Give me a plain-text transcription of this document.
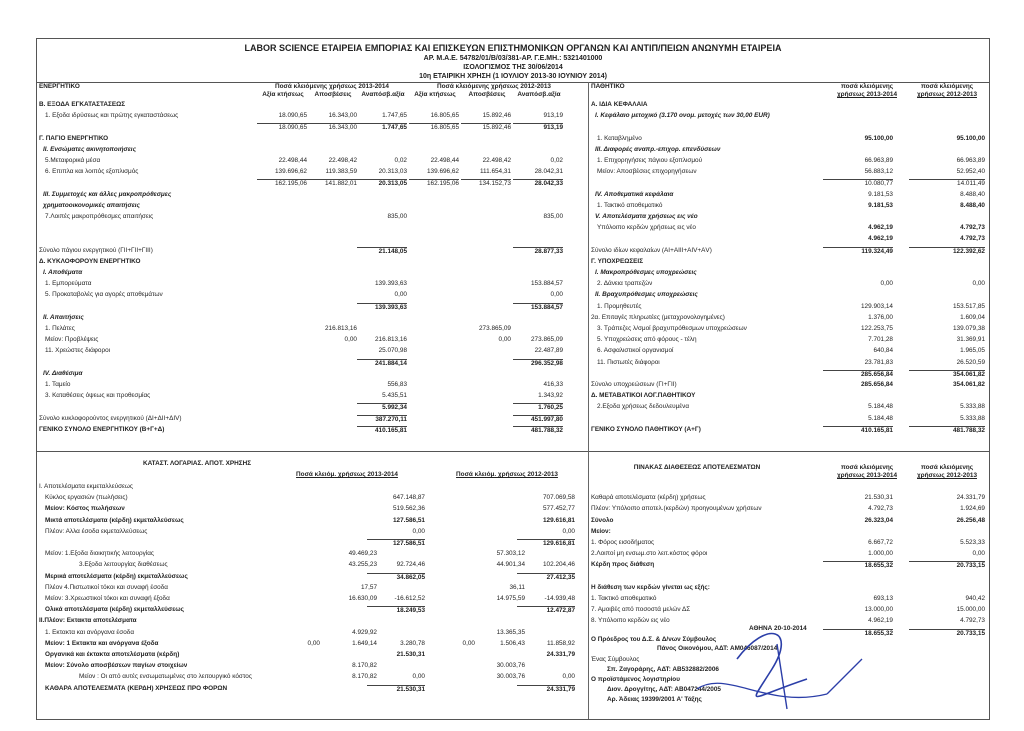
LABOR SCIENCE ΕΤΑΙΡΕΙΑ ΕΜΠΟΡΙΑΣ ΚΑΙ ΕΠΙΣΚΕΥΩΝ ΕΠΙΣΤΗΜΟΝΙΚΩΝ ΟΡΓΑΝΩΝ ΚΑΙ ΑΝΤΙΠ/ΠΕΙΩΝ ΑΝΩΝΥΜΗ ΕΤΑΙΡΕΙΑ
ΑΡ. Μ.Α.Ε. 54782/01/Β/03/381-ΑΡ. Γ.Ε.ΜΗ.: 5321401000
ΙΣΟΛΟΓΙΣΜΟΣ ΤΗΣ 30/06/2014
10η ΕΤΑΙΡΙΚΗ ΧΡΗΣΗ (1 ΙΟΥΛΙΟΥ 2013-30 ΙΟΥΝΙΟΥ 2014)
ΕΝΕΡΓΗΤΙΚΟ	Ποσά κλειόμενης χρήσεως 2013-2014	Ποσά κλειόμενης χρήσεως 2012-2013
Αξία κτήσεως	Αποσβέσεις	Αναπόσβ.αξία	Αξία κτήσεως	Αποσβέσεις	Αναπόσβ.αξία
Β. ΕΞΟΔΑ ΕΓΚΑΤΑΣΤΑΣΕΩΣ
1. Εξοδα ιδρύσεως και πρώτης εγκαταστάσεως	18.090,65	16.343,00	1.747,65	16.805,65	15.892,46	913,19
18.090,65	16.343,00	1.747,65	16.805,65	15.892,46	913,19
Γ. ΠΑΓΙΟ ΕΝΕΡΓΗΤΙΚΟ
ΙΙ. Ενσώματες ακινητοποιήσεις
5.Μεταφορικά μέσα	22.498,44	22.498,42	0,02	22.498,44	22.498,42	0,02
6. Επιπλα και λοιπός εξοπλισμός	139.696,62	119.383,59	20.313,03	139.696,62	111.654,31	28.042,31
162.195,06	141.882,01	20.313,05	162.195,06	134.152,73	28.042,33
ΙΙΙ. Συμμετοχές και άλλες μακροπρόθεσμες
χρηματοοικονομικές απαιτήσεις
7.Λοιπές μακροπρόθεσμες απαιτήσεις	835,00	835,00
Σύνολο πάγιου ενεργητικού (ΓΙΙ+ΓΙΙ+ΓΙΙΙ)	21.148,05	28.877,33
Δ. ΚΥΚΛΟΦΟΡΟΥΝ ΕΝΕΡΓΗΤΙΚΟ
Ι. Αποθέματα
1. Εμπορεύματα	139.393,63	153.884,57
5. Προκαταβολές για αγορές αποθεμάτων	0,00	0,00
139.393,63	153.884,57
ΙΙ. Απαιτήσεις
1. Πελάτες	216.813,16	273.865,09
Μείον: Προβλέψεις	0,00	216.813,16	0,00	273.865,09
11. Χρεώστες διάφοροι	25.070,98	22.487,89
241.884,14	296.352,98
IV. Διαθέσιμα
1. Ταμείο	556,83	416,33
3. Καταθέσεις όψεως και προθεσμίας	5.435,51	1.343,92
5.992,34	1.760,25
Σύνολο κυκλοφορούντος ενεργητικού (ΔΙ+ΔΙΙ+ΔΙV)	387.270,11	451.997,80
ΓΕΝΙΚΟ ΣΥΝΟΛΟ ΕΝΕΡΓΗΤΙΚΟΥ (Β+Γ+Δ)	410.165,81	481.788,32
ΠΑΘΗΤΙΚΟ	ποσά κλειόμενης
χρήσεως 2013-2014
ποσά κλειόμενης
χρήσεως 2012-2013
Α. ΙΔΙΑ ΚΕΦΑΛΑΙΑ
Ι. Κεφάλαιο μετοχικό (3.170 ονομ. μετοχές των 30,00 EUR)
1. Καταβλημένο	95.100,00	95.100,00
ΙΙΙ. Διαφορές αναπρ.-επιχορ. επενδύσεων
1. Επιχορηγήσεις πάγιου εξοπλισμού	66.963,89	66.963,89
Μείον: Αποσβέσεις επιχορηγήσεων	56.883,12	52.952,40
10.080,77	14.011,49
IV. Αποθεματικά κεφάλαια	9.181,53	8.488,40
1. Τακτικό αποθεματικό	9.181,53	8.488,40
V. Αποτελέσματα χρήσεως εις νέο
Υπόλοιπο κερδών χρήσεως εις νέο	4.962,19	4.792,73
4.962,19	4.792,73
Σύνολο ιδίων κεφαλαίων (ΑΙ+ΑΙΙΙ+ΑΙV+ΑV)	119.324,49	122.392,62
Γ. ΥΠΟΧΡΕΩΣΕΙΣ
Ι. Μακροπρόθεσμες υποχρεώσεις
2. Δάνεια τραπεζών	0,00	0,00
ΙΙ. Βραχυπρόθεσμες υποχρεώσεις
1. Προμηθευτές	129.903,14	153.517,85
2α. Επιταγές πληρωτέες (μεταχρονολογημένες)	1.376,00	1.609,04
3. Τράπεζες λ/σμοί βραχυπρόθεσμων υποχρεώσεων	122.253,75	139.079,38
5. Υποχρεώσεις από φόρους - τέλη	7.701,28	31.369,91
6. Ασφαλιστικοί οργανισμοί	640,84	1.965,05
11. Πιστωτές διάφοροι	23.781,83	26.520,59
285.656,84	354.061,82
Σύνολο υποχρεώσεων (ΓΙ+ΓΙΙ)	285.656,84	354.061,82
Δ. ΜΕΤΑΒΑΤΙΚΟΙ ΛΟΓ.ΠΑΘΗΤΙΚΟΥ
2.Εξοδα χρήσεως δεδουλευμένα	5.184,48	5.333,88
5.184,48	5.333,88
ΓΕΝΙΚΟ ΣΥΝΟΛΟ ΠΑΘΗΤΙΚΟΥ (Α+Γ)	410.165,81	481.788,32
ΚΑΤΑΣΤ. ΛΟΓΑΡΙΑΣ. ΑΠΟΤ. ΧΡΗΣΗΣ
Ποσά κλειόμ. χρήσεως 2013-2014	Ποσά κλειόμ. χρήσεως 2012-2013
Ι. Αποτελέσματα εκμεταλλεύσεως
Κύκλος εργασιών (πωλήσεις)	647.148,87	707.069,58
Μείον: Κόστος πωλήσεων	519.562,36	577.452,77
Μικτά αποτελέσματα (κέρδη) εκμεταλλεύσεως	127.586,51	129.616,81
Πλέον: Αλλα έσοδα εκμεταλλεύσεως	0,00	0,00
127.586,51	129.616,81
Μείον: 1.Εξοδα διοικητικής λειτουργίας	49.469,23	57.303,12
3.Εξοδα λειτουργίας διαθέσεως	43.255,23	92.724,46	44.901,34	102.204,46
Μερικά αποτελέσματα (κέρδη) εκμεταλλεύσεως	34.862,05	27.412,35
Πλέον 4.Πιστωτικοί τόκοι και συναφή έσοδα	17,57	36,11
Μείον: 3.Χρεωστικοί τόκοι και συναφή έξοδα	16.630,09	-16.612,52	14.975,59	-14.939,48
Ολικά αποτελέσματα (κέρδη) εκμεταλλεύσεως	18.249,53	12.472,87
ΙΙ.Πλέον: Εκτακτα αποτελέσματα
1. Εκτακτα και ανόργανα έσοδα	4.929,92	13.365,35
Μείον: 1 Εκτακτα και ανόργανα έξοδα	0,00	1.649,14	3.280,78	0,00	1.506,43	11.858,92
Οργανικά και έκτακτα αποτελέσματα (κέρδη)	21.530,31	24.331,79
Μείον: Σύνολο αποσβέσεων παγίων στοιχείων	8.170,82	30.003,76
Μείον : Οι από αυτές ενσωματωμένες στο λειτουργικό κόστος	8.170,82	0,00	30.003,76	0,00
ΚΑΘΑΡΑ ΑΠΟΤΕΛΕΣΜΑΤΑ (ΚΕΡΔΗ) ΧΡΗΣΕΩΣ ΠΡΟ ΦΟΡΩΝ	21.530,31	24.331,79
ΠΙΝΑΚΑΣ ΔΙΑΘΕΣΕΩΣ ΑΠΟΤΕΛΕΣΜΑΤΩΝ	ποσά κλειόμενης
χρήσεως 2013-2014
ποσά κλειόμενης
χρήσεως 2012-2013
Καθαρά αποτελέσματα (κέρδη) χρήσεως	21.530,31	24.331,79
Πλέον: Υπόλοιπο αποτελ.(κερδών) προηγουμένων χρήσεων	4.792,73	1.924,69
Σύνολο	26.323,04	26.256,48
Μείον:
1. Φόρος εισοδήματος	6.667,72	5.523,33
2.Λοιποί μη ενσωμ.στο λειτ.κόστος φόροι	1.000,00	0,00
Κέρδη προς διάθεση	18.655,32	20.733,15
Η διάθεση των κερδών γίνεται ως εξής:
1. Τακτικό αποθεματικό	693,13	940,42
7. Αμοιβές από ποσοστά μελών ΔΣ	13.000,00	15.000,00
8. Υπόλοιπο κερδών εις νέο	4.962,19	4.792,73
18.655,32	20.733,15
ΑΘΗΝΑ 20-10-2014
Ο Πρόεδρος του Δ.Σ. & Δ/νων Σύμβουλος
Πάνος Οικονόμου, ΑΔΤ: ΑΜ046087/2014
Ένας Σύμβουλος
Σπ. Ζαγοράρης, ΑΔΤ: ΑΒ532882/2006
Ο προϊστάμενος λογιστηρίου
Διον. Δρογγίτης, ΑΔΤ: ΑΒ047244/2005
Αρ. Άδειας 19399/2001 Α' Τάξης
